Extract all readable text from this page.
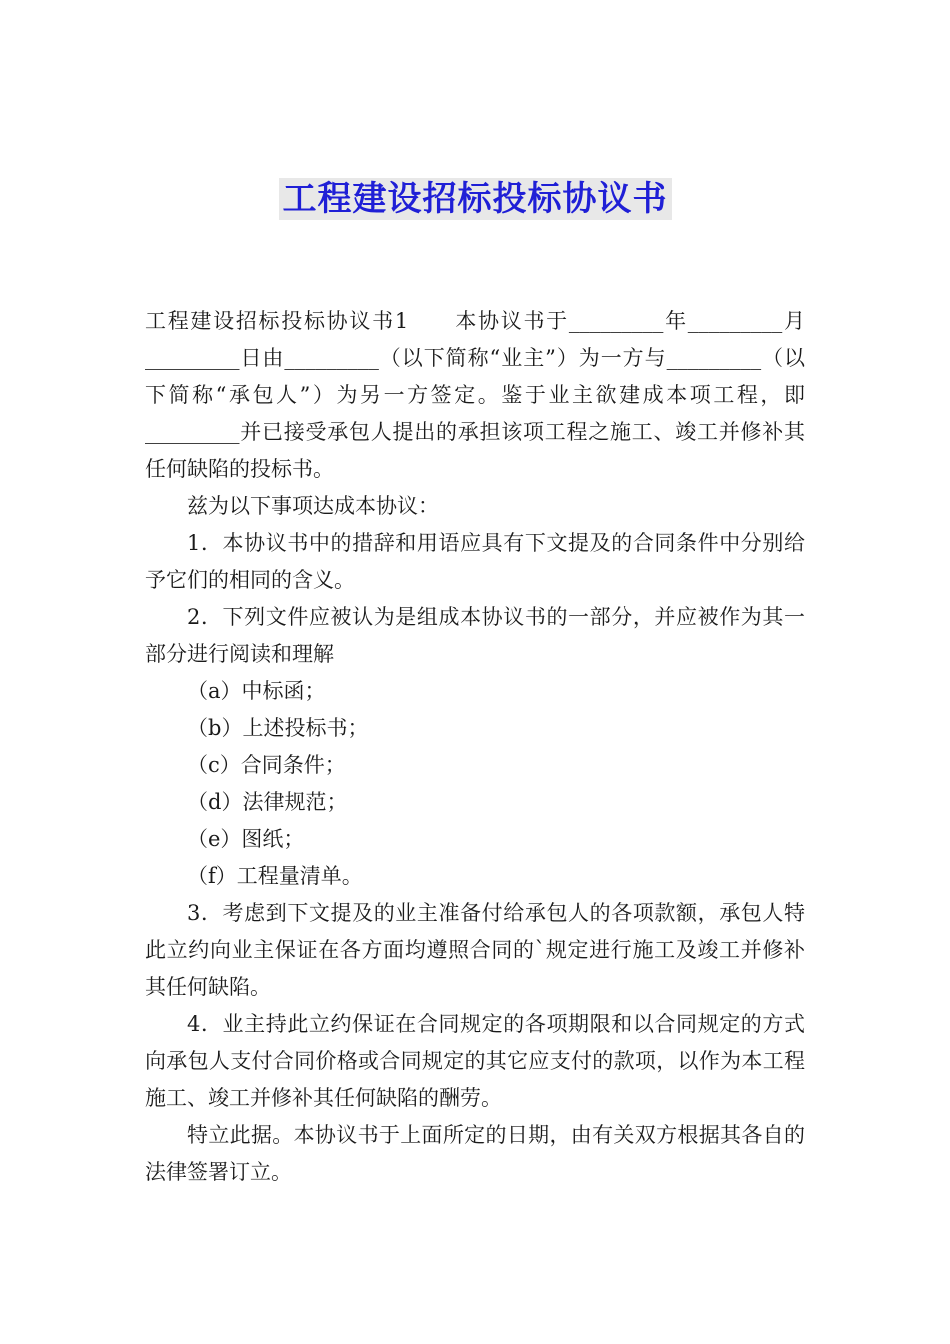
工程建设招标投标协议书

工程建设招标投标协议书1　　本协议书于_________年_________月_________日由_________（以下简称“业主”）为一方与_________（以下简称“承包人”）为另一方签定。鉴于业主欲建成本项工程，即_________并已接受承包人提出的承担该项工程之施工、竣工并修补其任何缺陷的投标书。

兹为以下事项达成本协议：

1．本协议书中的措辞和用语应具有下文提及的合同条件中分别给予它们的相同的含义。

2．下列文件应被认为是组成本协议书的一部分，并应被作为其一部分进行阅读和理解

（a）中标函；

（b）上述投标书；

（c）合同条件；

（d）法律规范；

（e）图纸；

（f）工程量清单。

3．考虑到下文提及的业主准备付给承包人的各项款额，承包人特此立约向业主保证在各方面均遵照合同的`规定进行施工及竣工并修补其任何缺陷。

4．业主持此立约保证在合同规定的各项期限和以合同规定的方式向承包人支付合同价格或合同规定的其它应支付的款项，以作为本工程施工、竣工并修补其任何缺陷的酬劳。

特立此据。本协议书于上面所定的日期，由有关双方根据其各自的法律签署订立。
